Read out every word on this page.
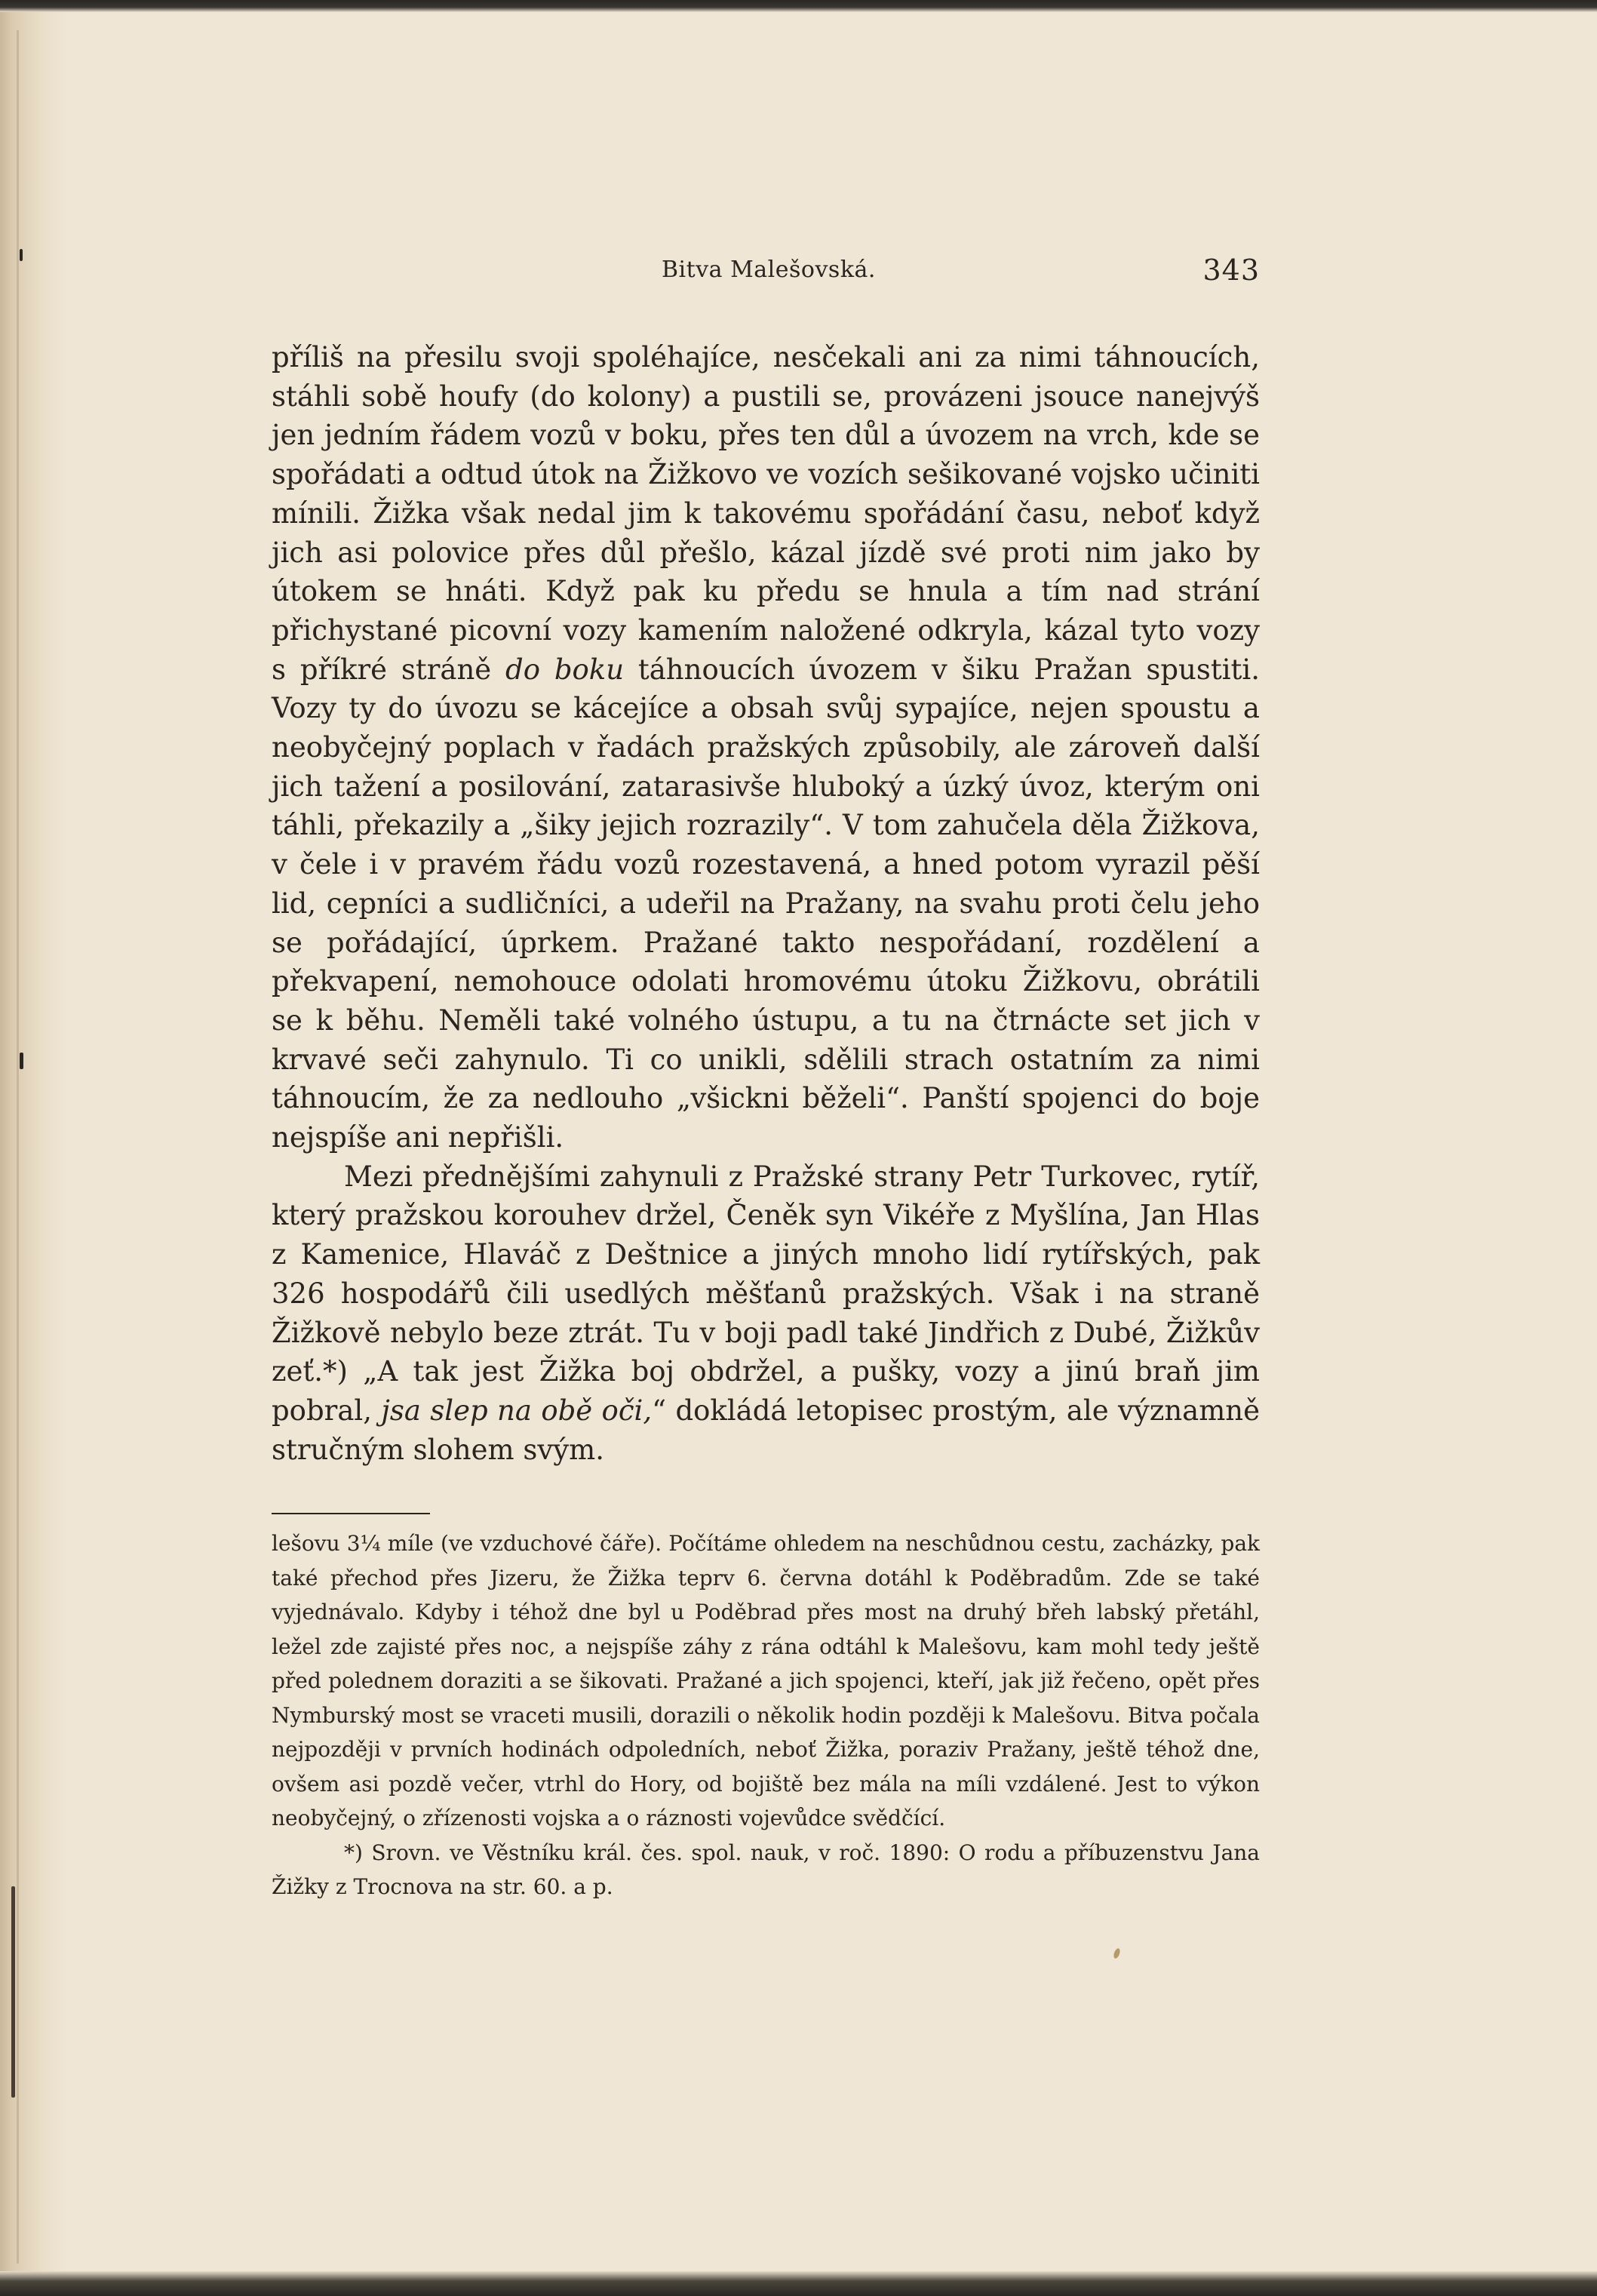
Bitva Malešovská.	343

příliš na přesilu svoji spoléhajíce, nesčekali ani za nimi táhnoucích, stáhli sobě houfy (do kolony) a pustili se, provázeni jsouce nanejvýš jen jedním řádem vozů v boku, přes ten důl a úvozem na vrch, kde se spořádati a odtud útok na Žižkovo ve vozích sešikované vojsko učiniti mínili. Žižka však nedal jim k takovému spořádání času, neboť když jich asi polovice přes důl přešlo, kázal jízdě své proti nim jako by útokem se hnáti. Když pak ku předu se hnula a tím nad strání přichystané picovní vozy kamením naložené odkryla, kázal tyto vozy s příkré stráně do boku táhnoucích úvozem v šiku Pražan spustiti. Vozy ty do úvozu se kácejíce a obsah svůj sypajíce, nejen spoustu a neobyčejný poplach v řadách pražských způsobily, ale zároveň další jich tažení a posilování, zatarasivše hluboký a úzký úvoz, kterým oni táhli, překazily a „šiky jejich rozrazily“. V tom zahučela děla Žižkova, v čele i v pravém řádu vozů rozestavená, a hned potom vyrazil pěší lid, cepníci a sudličníci, a udeřil na Pražany, na svahu proti čelu jeho se pořádající, úprkem. Pražané takto nespořádaní, rozdělení a překvapení, nemohouce odolati hromovému útoku Žižkovu, obrátili se k běhu. Neměli také volného ústupu, a tu na čtrnácte set jich v krvavé seči zahynulo. Ti co unikli, sdělili strach ostatním za nimi táhnoucím, že za nedlouho „všickni běželi“. Panští spojenci do boje nejspíše ani nepřišli.

Mezi přednějšími zahynuli z Pražské strany Petr Turkovec, rytíř, který pražskou korouhev držel, Čeněk syn Vikéře z Myšlína, Jan Hlas z Kamenice, Hlaváč z Deštnice a jiných mnoho lidí rytířských, pak 326 hospodářů čili usedlých měšťanů pražských. Však i na straně Žižkově nebylo beze ztrát. Tu v boji padl také Jindřich z Dubé, Žižkův zeť.*) „A tak jest Žižka boj obdržel, a pušky, vozy a jinú braň jim pobral, jsa slep na obě oči,“ dokládá letopisec prostým, ale významně stručným slohem svým.

lešovu 3¼ míle (ve vzduchové čáře). Počítáme ohledem na neschůdnou cestu, zacházky, pak také přechod přes Jizeru, že Žižka teprv 6. června dotáhl k Poděbradům. Zde se také vyjednávalo. Kdyby i téhož dne byl u Poděbrad přes most na druhý břeh labský přetáhl, ležel zde zajisté přes noc, a nejspíše záhy z rána odtáhl k Malešovu, kam mohl tedy ještě před polednem doraziti a se šikovati. Pražané a jich spojenci, kteří, jak již řečeno, opět přes Nymburský most se vraceti musili, dorazili o několik hodin později k Malešovu. Bitva počala nejpozději v prvních hodinách odpoledních, neboť Žižka, poraziv Pražany, ještě téhož dne, ovšem asi pozdě večer, vtrhl do Hory, od bojiště bez mála na míli vzdálené. Jest to výkon neobyčejný, o zřízenosti vojska a o ráznosti vojevůdce svědčící.

*) Srovn. ve Věstníku král. čes. spol. nauk, v roč. 1890: O rodu a příbuzenstvu Jana Žižky z Trocnova na str. 60. a p.
